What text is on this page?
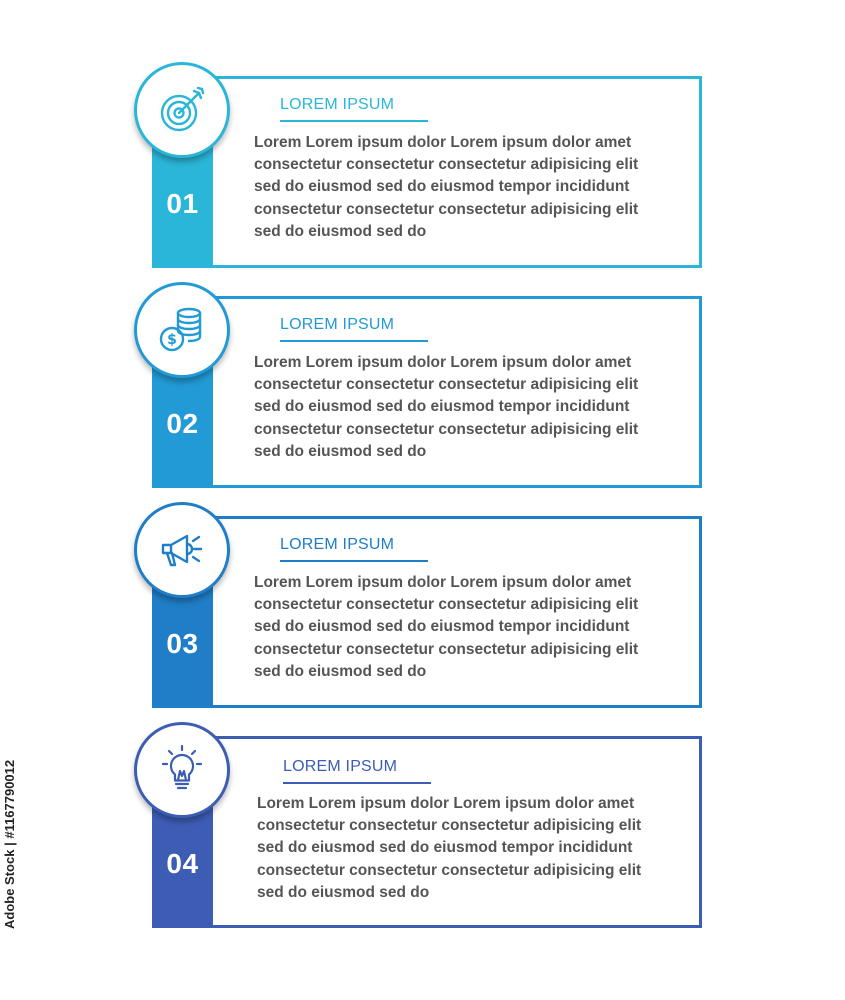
01
LOREM IPSUM
Lorem Lorem ipsum dolor Lorem ipsum dolor amet
consectetur consectetur consectetur adipisicing elit
sed do eiusmod sed do eiusmod tempor incididunt
consectetur consectetur consectetur adipisicing elit
sed do eiusmod sed do
02
$
LOREM IPSUM
Lorem Lorem ipsum dolor Lorem ipsum dolor amet
consectetur consectetur consectetur adipisicing elit
sed do eiusmod sed do eiusmod tempor incididunt
consectetur consectetur consectetur adipisicing elit
sed do eiusmod sed do
03
LOREM IPSUM
Lorem Lorem ipsum dolor Lorem ipsum dolor amet
consectetur consectetur consectetur adipisicing elit
sed do eiusmod sed do eiusmod tempor incididunt
consectetur consectetur consectetur adipisicing elit
sed do eiusmod sed do
04
LOREM IPSUM
Lorem Lorem ipsum dolor Lorem ipsum dolor amet
consectetur consectetur consectetur adipisicing elit
sed do eiusmod sed do eiusmod tempor incididunt
consectetur consectetur consectetur adipisicing elit
sed do eiusmod sed do
Adobe Stock | #1167790012
